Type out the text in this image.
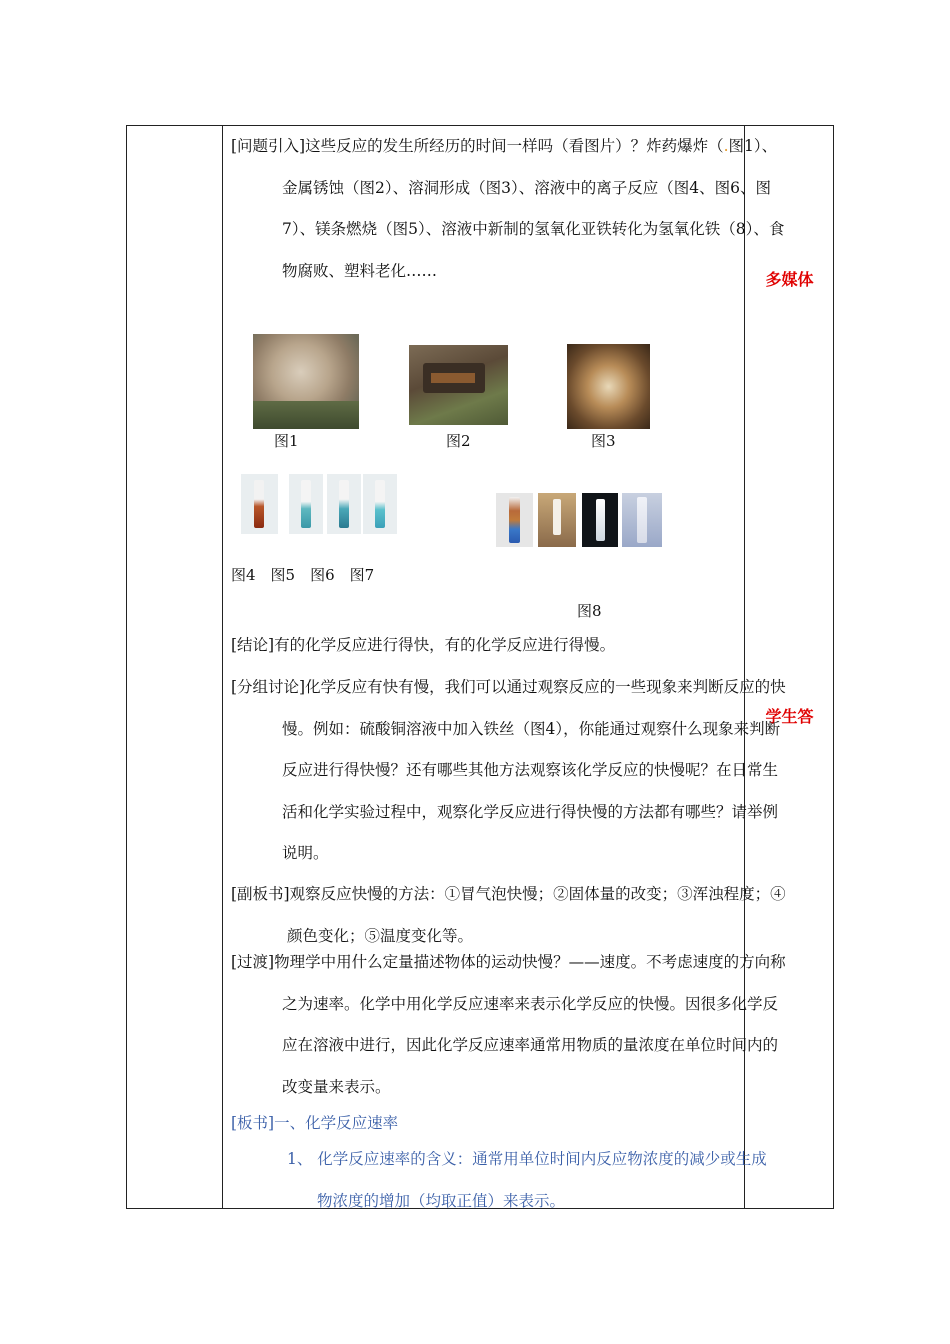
多媒体
学生答

[问题引入]这些反应的发生所经历的时间一样吗（看图片）？炸药爆炸（.图1）、金属锈蚀（图2）、溶洞形成（图3）、溶液中的离子反应（图4、图6、图7）、镁条燃烧（图5）、溶液中新制的氢氧化亚铁转化为氢氧化铁（8）、食物腐败、塑料老化……

图1	图2	图3
图4　图5　图6　图7
图8

[结论]有的化学反应进行得快，有的化学反应进行得慢。

[分组讨论]化学反应有快有慢，我们可以通过观察反应的一些现象来判断反应的快慢。例如：硫酸铜溶液中加入铁丝（图4），你能通过观察什么现象来判断反应进行得快慢？还有哪些其他方法观察该化学反应的快慢呢？在日常生活和化学实验过程中，观察化学反应进行得快慢的方法都有哪些？请举例说明。

[副板书]观察反应快慢的方法：①冒气泡快慢；②固体量的改变；③浑浊程度；④颜色变化；⑤温度变化等。

[过渡]物理学中用什么定量描述物体的运动快慢？——速度。不考虑速度的方向称之为速率。化学中用化学反应速率来表示化学反应的快慢。因很多化学反应在溶液中进行，因此化学反应速率通常用物质的量浓度在单位时间内的改变量来表示。

[板书]一、化学反应速率

1、 化学反应速率的含义：通常用单位时间内反应物浓度的减少或生成物浓度的增加（均取正值）来表示。
